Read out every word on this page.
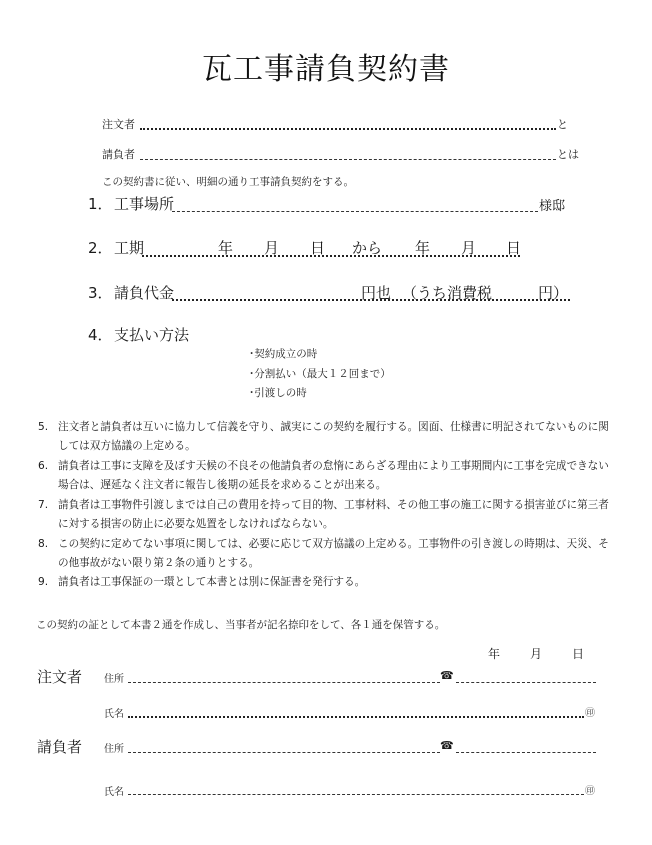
瓦工事請負契約書
注文者	と
請負者	とは
この契約書に従い、明細の通り工事請負契約をする。
1． 工事場所	様邸
2． 工期	年 月 日 から 年 月 日
3． 請負代金	円也 （うち消費税	円）
4． 支払い方法
･契約成立の時
･分割払い（最大１２回まで）
･引渡しの時
5. 注文者と請負者は互いに協力して信義を守り、誠実にこの契約を履行する。図面、仕様書に明記されてないものに関しては双方協議の上定める。
6. 請負者は工事に支障を及ぼす天候の不良その他請負者の怠惰にあらざる理由により工事期間内に工事を完成できない場合は、遅延なく注文者に報告し後期の延長を求めることが出来る。
7. 請負者は工事物件引渡しまでは自己の費用を持って目的物、工事材料、その他工事の施工に関する損害並びに第三者に対する損害の防止に必要な処置をしなければならない。
8. この契約に定めてない事項に関しては、必要に応じて双方協議の上定める。工事物件の引き渡しの時期は、天災、その他事故がない限り第２条の通りとする。
9. 請負者は工事保証の一環として本書とは別に保証書を発行する。
この契約の証として本書２通を作成し、当事者が記名捺印をして、各１通を保管する。
年 月 日
注文者 住所	☎
氏名	㊞
請負者 住所	☎
氏名	㊞
